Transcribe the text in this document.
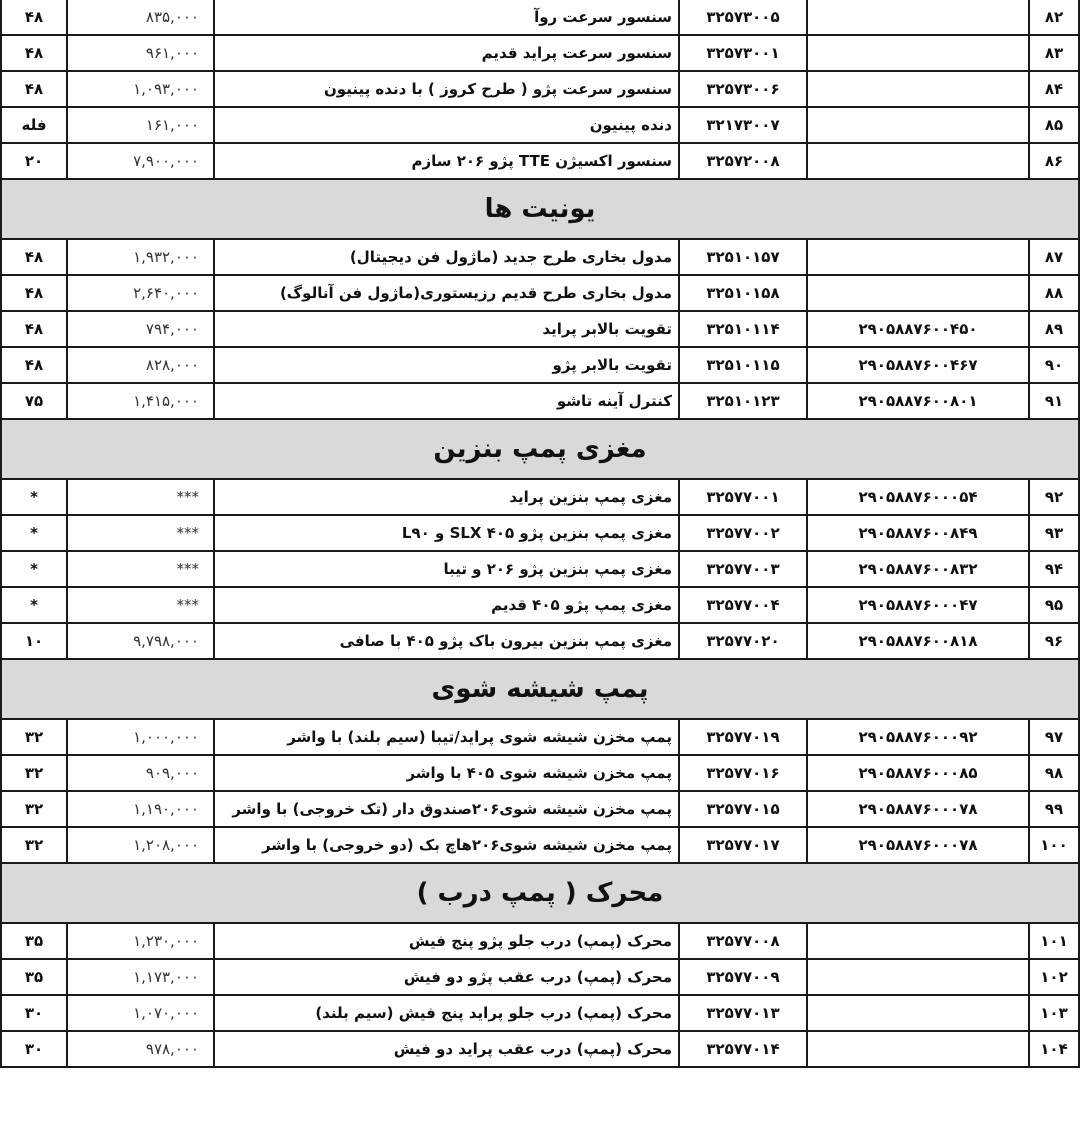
۸۲		۳۲۵۷۳۰۰۵	سنسور سرعت روآ	۸۳۵,۰۰۰	۴۸
۸۳		۳۲۵۷۳۰۰۱	سنسور سرعت پراید قدیم	۹۶۱,۰۰۰	۴۸
۸۴		۳۲۵۷۳۰۰۶	سنسور سرعت پژو ( طرح کروز ) با دنده پینیون	۱,۰۹۳,۰۰۰	۴۸
۸۵		۳۲۱۷۳۰۰۷	دنده پینیون	۱۶۱,۰۰۰	فله
۸۶		۳۲۵۷۲۰۰۸	سنسور اکسیژن TTE پژو ۲۰۶ سازم	۷,۹۰۰,۰۰۰	۲۰
یونیت ها					
۸۷		۳۲۵۱۰۱۵۷	مدول بخاری طرح جدید (ماژول فن دیجیتال)	۱,۹۳۲,۰۰۰	۴۸
۸۸		۳۲۵۱۰۱۵۸	مدول بخاری طرح قدیم رزیستوری(ماژول فن آنالوگ)	۲,۶۴۰,۰۰۰	۴۸
۸۹	۲۹۰۵۸۸۷۶۰۰۴۵۰	۳۲۵۱۰۱۱۴	تقویت بالابر پراید	۷۹۴,۰۰۰	۴۸
۹۰	۲۹۰۵۸۸۷۶۰۰۴۶۷	۳۲۵۱۰۱۱۵	تقویت بالابر پژو	۸۲۸,۰۰۰	۴۸
۹۱	۲۹۰۵۸۸۷۶۰۰۸۰۱	۳۲۵۱۰۱۲۳	کنترل آینه تاشو	۱,۴۱۵,۰۰۰	۷۵
مغزی پمپ بنزین					
۹۲	۲۹۰۵۸۸۷۶۰۰۰۵۴	۳۲۵۷۷۰۰۱	مغزی پمپ بنزین پراید	***	*
۹۳	۲۹۰۵۸۸۷۶۰۰۸۴۹	۳۲۵۷۷۰۰۲	مغزی پمپ بنزین پژو ۴۰۵ SLX و L۹۰	***	*
۹۴	۲۹۰۵۸۸۷۶۰۰۸۳۲	۳۲۵۷۷۰۰۳	مغزی پمپ بنزین پژو ۲۰۶ و تیبا	***	*
۹۵	۲۹۰۵۸۸۷۶۰۰۰۴۷	۳۲۵۷۷۰۰۴	مغزی پمپ پژو ۴۰۵ قدیم	***	*
۹۶	۲۹۰۵۸۸۷۶۰۰۸۱۸	۳۲۵۷۷۰۲۰	مغزی پمپ بنزین بیرون باک پژو ۴۰۵ با صافی	۹,۷۹۸,۰۰۰	۱۰
پمپ شیشه شوی					
۹۷	۲۹۰۵۸۸۷۶۰۰۰۹۲	۳۲۵۷۷۰۱۹	پمپ مخزن شیشه شوی پراید/تیبا (سیم بلند) با واشر	۱,۰۰۰,۰۰۰	۳۲
۹۸	۲۹۰۵۸۸۷۶۰۰۰۸۵	۳۲۵۷۷۰۱۶	پمپ مخزن شیشه شوی ۴۰۵ با واشر	۹۰۹,۰۰۰	۳۲
۹۹	۲۹۰۵۸۸۷۶۰۰۰۷۸	۳۲۵۷۷۰۱۵	پمپ مخزن شیشه شوی۲۰۶صندوق دار (تک خروجی) با واشر	۱,۱۹۰,۰۰۰	۳۲
۱۰۰	۲۹۰۵۸۸۷۶۰۰۰۷۸	۳۲۵۷۷۰۱۷	پمپ مخزن شیشه شوی۲۰۶هاچ بک (دو خروجی) با واشر	۱,۲۰۸,۰۰۰	۳۲
محرک ( پمپ درب )					
۱۰۱		۳۲۵۷۷۰۰۸	محرک (پمپ) درب جلو پژو پنج فیش	۱,۲۳۰,۰۰۰	۳۵
۱۰۲		۳۲۵۷۷۰۰۹	محرک (پمپ) درب عقب پژو دو فیش	۱,۱۷۳,۰۰۰	۳۵
۱۰۳		۳۲۵۷۷۰۱۳	محرک (پمپ) درب جلو پراید پنج فیش (سیم بلند)	۱,۰۷۰,۰۰۰	۳۰
۱۰۴		۳۲۵۷۷۰۱۴	محرک (پمپ) درب عقب پراید دو فیش	۹۷۸,۰۰۰	۳۰
